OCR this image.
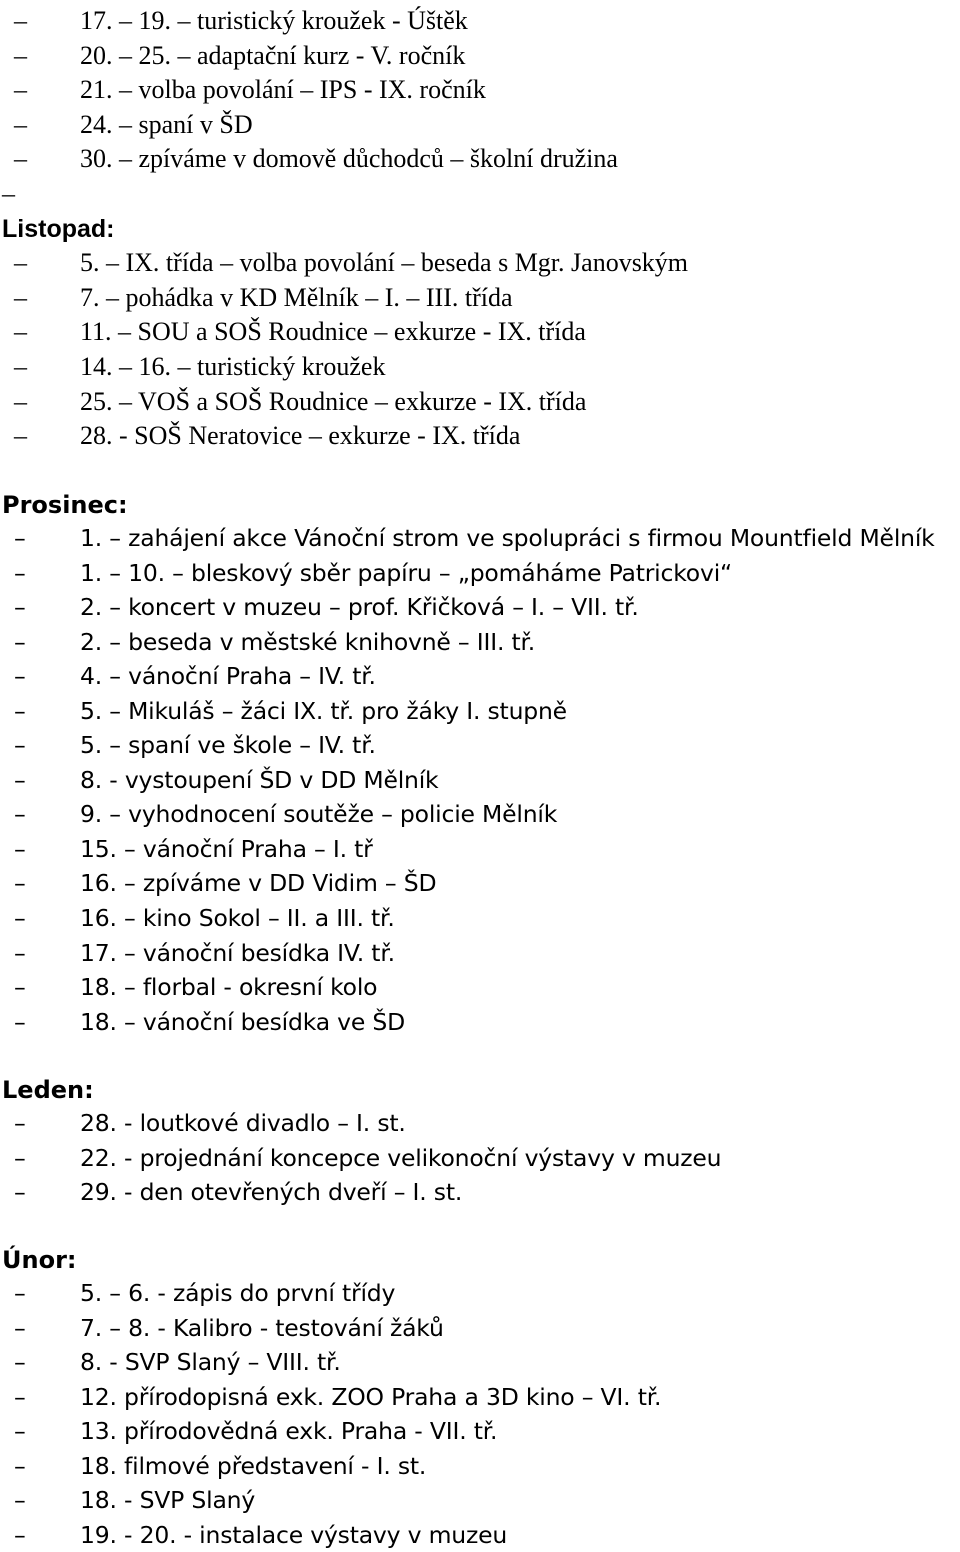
– 17. – 19. – turistický kroužek - Úštěk
– 20. – 25. – adaptační kurz - V. ročník
– 21. – volba povolání – IPS - IX. ročník
– 24. – spaní v ŠD
– 30. – zpíváme v domově důchodců – školní družina
–
Listopad:
– 5. – IX. třída – volba povolání – beseda s Mgr. Janovským
– 7. – pohádka v KD Mělník – I. – III. třída
– 11. – SOU a SOŠ Roudnice – exkurze - IX. třída
– 14. – 16. – turistický kroužek
– 25. – VOŠ a SOŠ Roudnice – exkurze - IX. třída
– 28. - SOŠ Neratovice – exkurze - IX. třída
Prosinec:
– 1. – zahájení akce Vánoční strom ve spolupráci s firmou Mountfield Mělník
– 1. – 10. – bleskový sběr papíru – „pomáháme Patrickovi“
– 2. – koncert v muzeu – prof. Křičková – I. – VII. tř.
– 2. – beseda v městské knihovně – III. tř.
– 4. – vánoční Praha – IV. tř.
– 5. – Mikuláš – žáci IX. tř. pro žáky I. stupně
– 5. – spaní ve škole – IV. tř.
– 8. - vystoupení ŠD v DD Mělník
– 9. – vyhodnocení soutěže – policie Mělník
– 15. – vánoční Praha – I. tř
– 16. – zpíváme v DD Vidim – ŠD
– 16. – kino Sokol – II. a III. tř.
– 17. – vánoční besídka IV. tř.
– 18. – florbal - okresní kolo
– 18. – vánoční besídka ve ŠD
Leden:
– 28. - loutkové divadlo – I. st.
– 22. - projednání koncepce velikonoční výstavy v muzeu
– 29. - den otevřených dveří – I. st.
Únor:
– 5. – 6. - zápis do první třídy
– 7. – 8. - Kalibro - testování žáků
– 8. - SVP Slaný – VIII. tř.
– 12. přírodopisná exk. ZOO Praha a 3D kino – VI. tř.
– 13. přírodovědná exk. Praha - VII. tř.
– 18. filmové představení - I. st.
– 18. - SVP Slaný
– 19. - 20. - instalace výstavy v muzeu
